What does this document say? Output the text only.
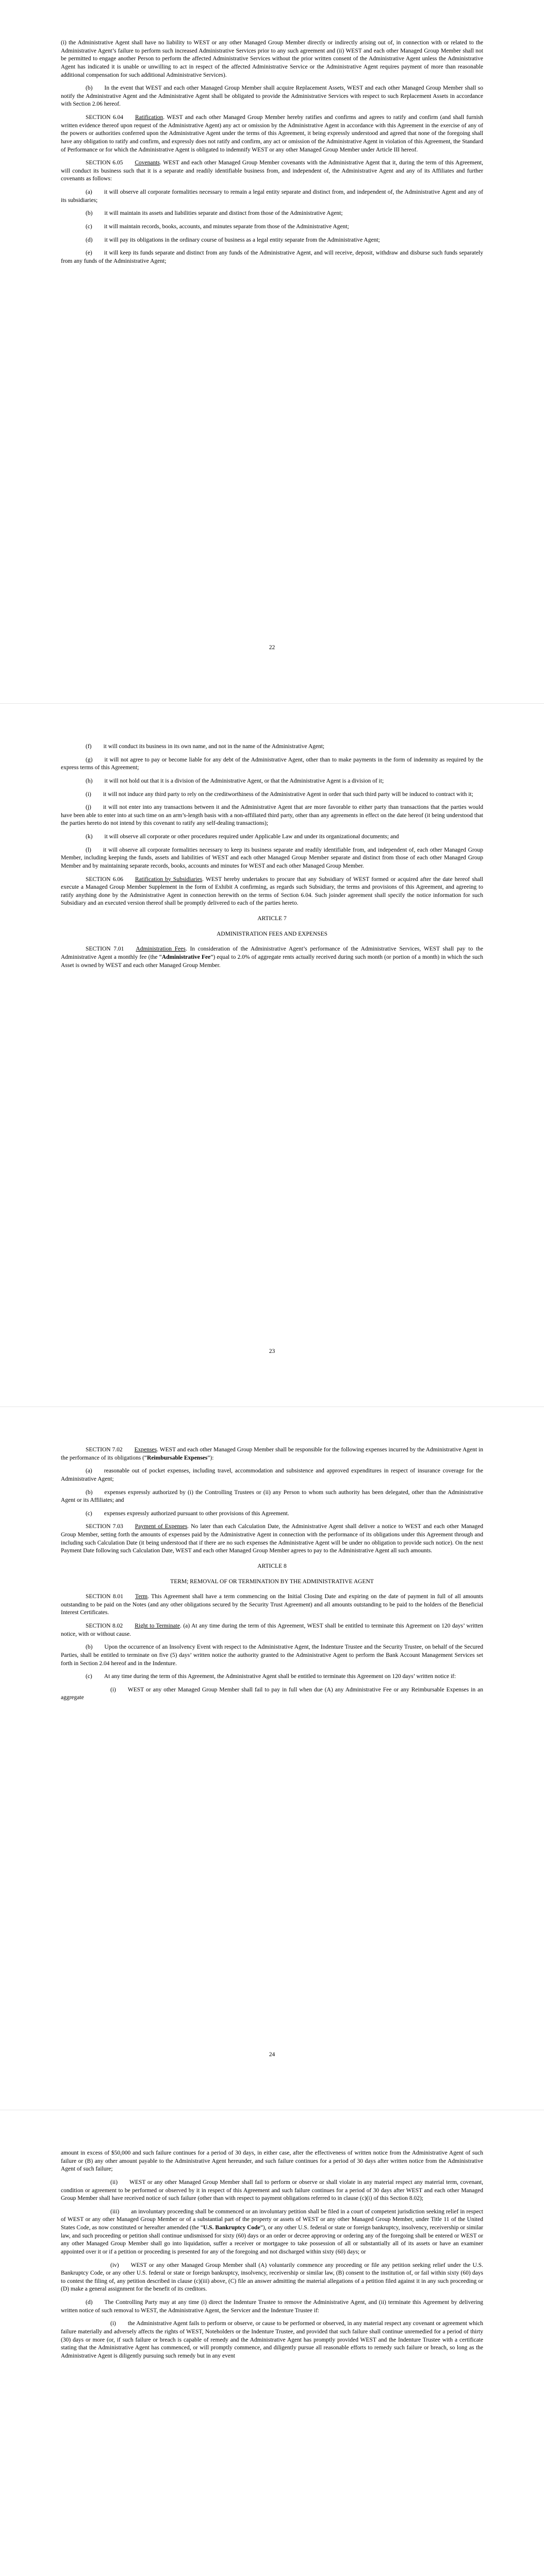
(i) the Administrative Agent shall have no liability to WEST or any other Managed Group Member directly or indirectly arising out of, in connection with or related to the Administrative Agent’s failure to perform such increased Administrative Services prior to any such agreement and (ii) WEST and each other Managed Group Member shall not be permitted to engage another Person to perform the affected Administrative Services without the prior written consent of the Administrative Agent unless the Administrative Agent has indicated it is unable or unwilling to act in respect of the affected Administrative Service or the Administrative Agent requires payment of more than reasonable additional compensation for such additional Administrative Services).

(b)  In the event that WEST and each other Managed Group Member shall acquire Replacement Assets, WEST and each other Managed Group Member shall so notify the Administrative Agent and the Administrative Agent shall be obligated to provide the Administrative Services with respect to such Replacement Assets in accordance with Section 2.06 hereof.

SECTION 6.04  Ratification. WEST and each other Managed Group Member hereby ratifies and confirms and agrees to ratify and confirm (and shall furnish written evidence thereof upon request of the Administrative Agent) any act or omission by the Administrative Agent in accordance with this Agreement in the exercise of any of the powers or authorities conferred upon the Administrative Agent under the terms of this Agreement, it being expressly understood and agreed that none of the foregoing shall have any obligation to ratify and confirm, and expressly does not ratify and confirm, any act or omission of the Administrative Agent in violation of this Agreement, the Standard of Performance or for which the Administrative Agent is obligated to indemnify WEST or any other Managed Group Member under Article III hereof.

SECTION 6.05  Covenants. WEST and each other Managed Group Member covenants with the Administrative Agent that it, during the term of this Agreement, will conduct its business such that it is a separate and readily identifiable business from, and independent of, the Administrative Agent and any of its Affiliates and further covenants as follows:

(a)  it will observe all corporate formalities necessary to remain a legal entity separate and distinct from, and independent of, the Administrative Agent and any of its subsidiaries;

(b)  it will maintain its assets and liabilities separate and distinct from those of the Administrative Agent;

(c)  it will maintain records, books, accounts, and minutes separate from those of the Administrative Agent;

(d)  it will pay its obligations in the ordinary course of business as a legal entity separate from the Administrative Agent;

(e)  it will keep its funds separate and distinct from any funds of the Administrative Agent, and will receive, deposit, withdraw and disburse such funds separately from any funds of the Administrative Agent;

22

(f)  it will conduct its business in its own name, and not in the name of the Administrative Agent;

(g)  it will not agree to pay or become liable for any debt of the Administrative Agent, other than to make payments in the form of indemnity as required by the express terms of this Agreement;

(h)  it will not hold out that it is a division of the Administrative Agent, or that the Administrative Agent is a division of it;

(i)  it will not induce any third party to rely on the creditworthiness of the Administrative Agent in order that such third party will be induced to contract with it;

(j)  it will not enter into any transactions between it and the Administrative Agent that are more favorable to either party than transactions that the parties would have been able to enter into at such time on an arm’s-length basis with a non-affiliated third party, other than any agreements in effect on the date hereof (it being understood that the parties hereto do not intend by this covenant to ratify any self-dealing transactions);

(k)  it will observe all corporate or other procedures required under Applicable Law and under its organizational documents; and

(l)  it will observe all corporate formalities necessary to keep its business separate and readily identifiable from, and independent of, each other Managed Group Member, including keeping the funds, assets and liabilities of WEST and each other Managed Group Member separate and distinct from those of each other Managed Group Member and by maintaining separate records, books, accounts and minutes for WEST and each other Managed Group Member.

SECTION 6.06  Ratification by Subsidiaries. WEST hereby undertakes to procure that any Subsidiary of WEST formed or acquired after the date hereof shall execute a Managed Group Member Supplement in the form of Exhibit A confirming, as regards such Subsidiary, the terms and provisions of this Agreement, and agreeing to ratify anything done by the Administrative Agent in connection herewith on the terms of Section 6.04. Such joinder agreement shall specify the notice information for such Subsidiary and an executed version thereof shall be promptly delivered to each of the parties hereto.

ARTICLE 7

ADMINISTRATION FEES AND EXPENSES

SECTION 7.01  Administration Fees. In consideration of the Administrative Agent’s performance of the Administrative Services, WEST shall pay to the Administrative Agent a monthly fee (the “Administrative Fee”) equal to 2.0% of aggregate rents actually received during such month (or portion of a month) in which the such Asset is owned by WEST and each other Managed Group Member.

23

SECTION 7.02  Expenses. WEST and each other Managed Group Member shall be responsible for the following expenses incurred by the Administrative Agent in the performance of its obligations (“Reimbursable Expenses”):

(a)  reasonable out of pocket expenses, including travel, accommodation and subsistence and approved expenditures in respect of insurance coverage for the Administrative Agent;

(b)  expenses expressly authorized by (i) the Controlling Trustees or (ii) any Person to whom such authority has been delegated, other than the Administrative Agent or its Affiliates; and

(c)  expenses expressly authorized pursuant to other provisions of this Agreement.

SECTION 7.03  Payment of Expenses. No later than each Calculation Date, the Administrative Agent shall deliver a notice to WEST and each other Managed Group Member, setting forth the amounts of expenses paid by the Administrative Agent in connection with the performance of its obligations under this Agreement through and including such Calculation Date (it being understood that if there are no such expenses the Administrative Agent will be under no obligation to provide such notice). On the next Payment Date following such Calculation Date, WEST and each other Managed Group Member agrees to pay to the Administrative Agent all such amounts.

ARTICLE 8

TERM; REMOVAL OF OR TERMINATION BY THE ADMINISTRATIVE AGENT

SECTION 8.01  Term. This Agreement shall have a term commencing on the Initial Closing Date and expiring on the date of payment in full of all amounts outstanding to be paid on the Notes (and any other obligations secured by the Security Trust Agreement) and all amounts outstanding to be paid to the holders of the Beneficial Interest Certificates.

SECTION 8.02  Right to Terminate. (a) At any time during the term of this Agreement, WEST shall be entitled to terminate this Agreement on 120 days’ written notice, with or without cause.

(b)  Upon the occurrence of an Insolvency Event with respect to the Administrative Agent, the Indenture Trustee and the Security Trustee, on behalf of the Secured Parties, shall be entitled to terminate on five (5) days’ written notice the authority granted to the Administrative Agent to perform the Bank Account Management Services set forth in Section 2.04 hereof and in the Indenture.

(c)  At any time during the term of this Agreement, the Administrative Agent shall be entitled to terminate this Agreement on 120 days’ written notice if:

(i)  WEST or any other Managed Group Member shall fail to pay in full when due (A) any Administrative Fee or any Reimbursable Expenses in an aggregate

24

amount in excess of $50,000 and such failure continues for a period of 30 days, in either case, after the effectiveness of written notice from the Administrative Agent of such failure or (B) any other amount payable to the Administrative Agent hereunder, and such failure continues for a period of 30 days after written notice from the Administrative Agent of such failure;

(ii)  WEST or any other Managed Group Member shall fail to perform or observe or shall violate in any material respect any material term, covenant, condition or agreement to be performed or observed by it in respect of this Agreement and such failure continues for a period of 30 days after WEST and each other Managed Group Member shall have received notice of such failure (other than with respect to payment obligations referred to in clause (c)(i) of this Section 8.02);

(iii)  an involuntary proceeding shall be commenced or an involuntary petition shall be filed in a court of competent jurisdiction seeking relief in respect of WEST or any other Managed Group Member or of a substantial part of the property or assets of WEST or any other Managed Group Member, under Title 11 of the United States Code, as now constituted or hereafter amended (the “U.S. Bankruptcy Code”), or any other U.S. federal or state or foreign bankruptcy, insolvency, receivership or similar law, and such proceeding or petition shall continue undismissed for sixty (60) days or an order or decree approving or ordering any of the foregoing shall be entered or WEST or any other Managed Group Member shall go into liquidation, suffer a receiver or mortgagee to take possession of all or substantially all of its assets or have an examiner appointed over it or if a petition or proceeding is presented for any of the foregoing and not discharged within sixty (60) days; or

(iv)  WEST or any other Managed Group Member shall (A) voluntarily commence any proceeding or file any petition seeking relief under the U.S. Bankruptcy Code, or any other U.S. federal or state or foreign bankruptcy, insolvency, receivership or similar law, (B) consent to the institution of, or fail within sixty (60) days to contest the filing of, any petition described in clause (c)(iii) above, (C) file an answer admitting the material allegations of a petition filed against it in any such proceeding or (D) make a general assignment for the benefit of its creditors.

(d)  The Controlling Party may at any time (i) direct the Indenture Trustee to remove the Administrative Agent, and (ii) terminate this Agreement by delivering written notice of such removal to WEST, the Administrative Agent, the Servicer and the Indenture Trustee if:

(i)  the Administrative Agent fails to perform or observe, or cause to be performed or observed, in any material respect any covenant or agreement which failure materially and adversely affects the rights of WEST, Noteholders or the Indenture Trustee, and provided that such failure shall continue unremedied for a period of thirty (30) days or more (or, if such failure or breach is capable of remedy and the Administrative Agent has promptly provided WEST and the Indenture Trustee with a certificate stating that the Administrative Agent has commenced, or will promptly commence, and diligently pursue all reasonable efforts to remedy such failure or breach, so long as the Administrative Agent is diligently pursuing such remedy but in any event
